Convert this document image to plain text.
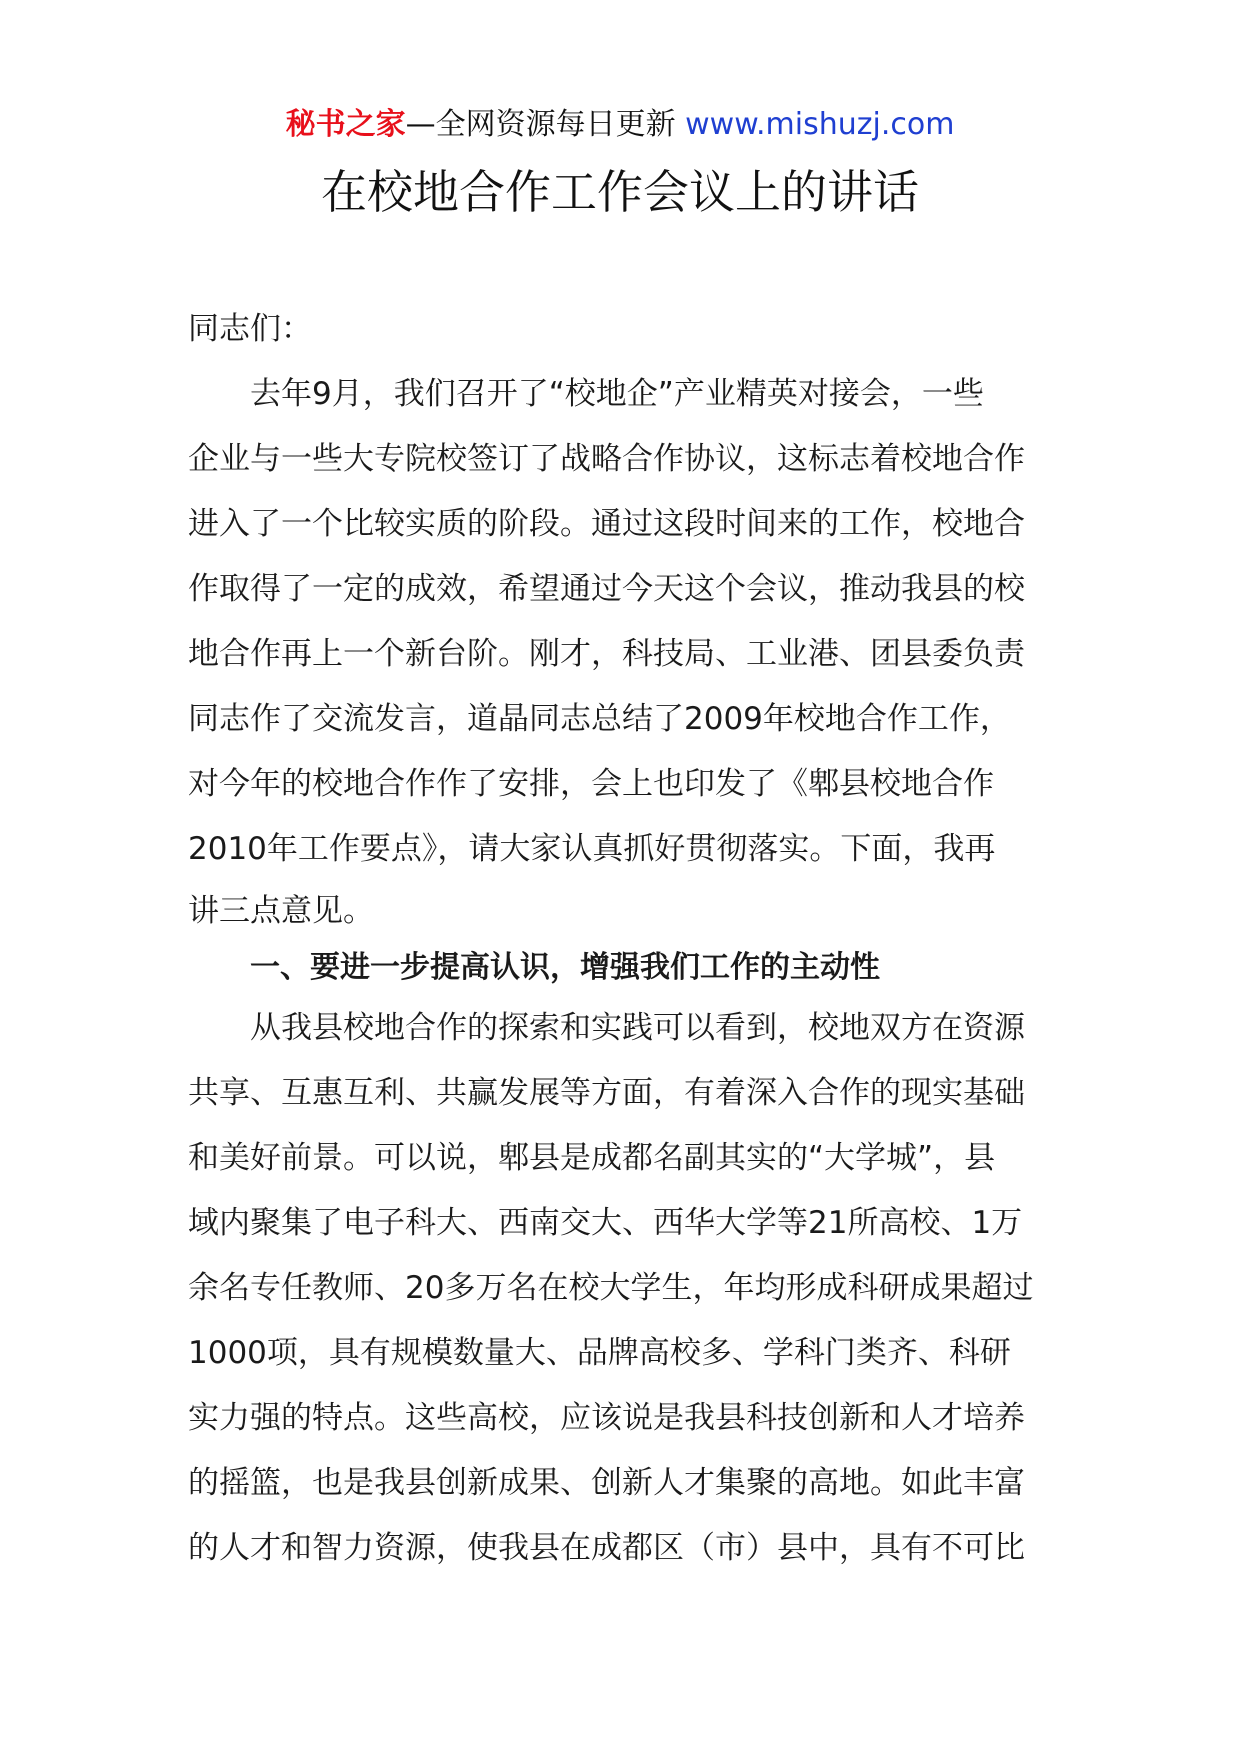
秘书之家—全网资源每日更新 www.mishuzj.com
在校地合作工作会议上的讲话
同志们：
去年9月，我们召开了“校地企”产业精英对接会，一些
企业与一些大专院校签订了战略合作协议，这标志着校地合作
进入了一个比较实质的阶段。通过这段时间来的工作，校地合
作取得了一定的成效，希望通过今天这个会议，推动我县的校
地合作再上一个新台阶。刚才，科技局、工业港、团县委负责
同志作了交流发言，道晶同志总结了2009年校地合作工作，
对今年的校地合作作了安排，会上也印发了《郫县校地合作
2010年工作要点》，请大家认真抓好贯彻落实。下面，我再
讲三点意见。
一、要进一步提高认识，增强我们工作的主动性
从我县校地合作的探索和实践可以看到，校地双方在资源
共享、互惠互利、共赢发展等方面，有着深入合作的现实基础
和美好前景。可以说，郫县是成都名副其实的“大学城”，县
域内聚集了电子科大、西南交大、西华大学等21所高校、1万
余名专任教师、20多万名在校大学生，年均形成科研成果超过
1000项，具有规模数量大、品牌高校多、学科门类齐、科研
实力强的特点。这些高校，应该说是我县科技创新和人才培养
的摇篮，也是我县创新成果、创新人才集聚的高地。如此丰富
的人才和智力资源，使我县在成都区（市）县中，具有不可比
